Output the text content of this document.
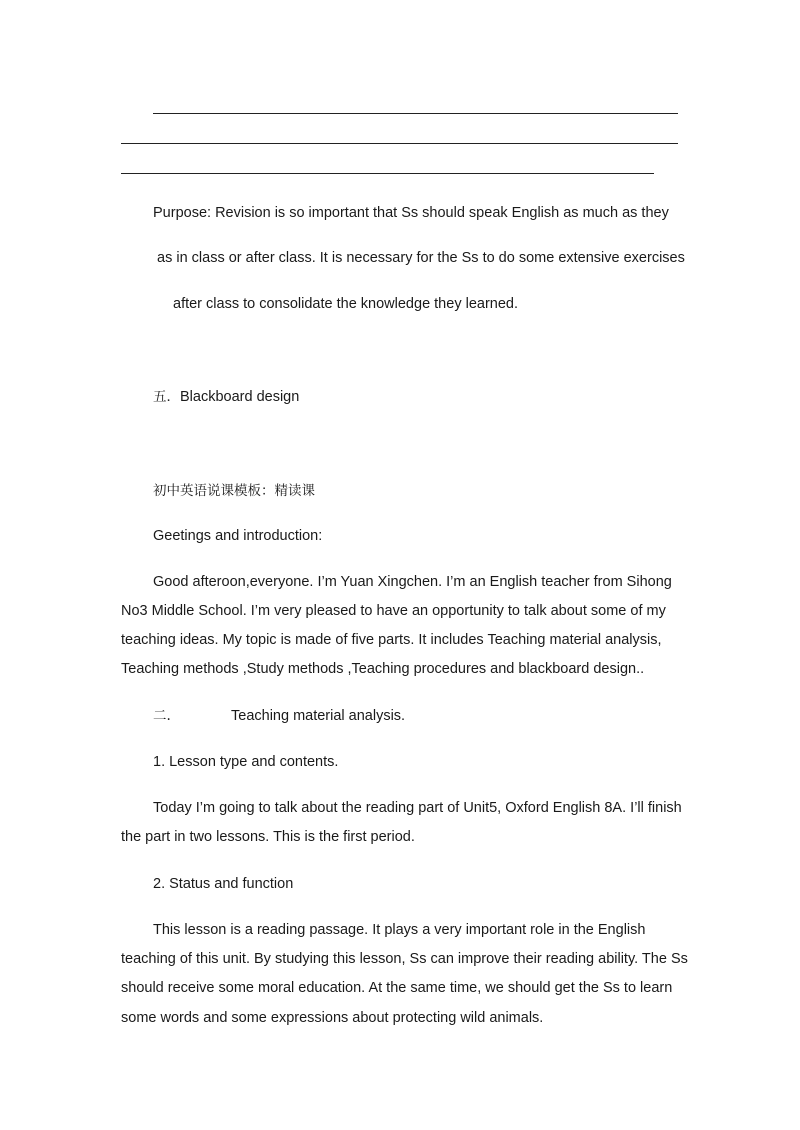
Purpose: Revision is so important that Ss should speak English as much as they
as in class or after class. It is necessary for the Ss to do some extensive exercises
after class to consolidate the knowledge they learned.
五．Blackboard design
初中英语说课模板：精读课
Geetings and introduction:
Good afteroon,everyone. I’m Yuan Xingchen. I’m an English teacher from Sihong
No3 Middle School. I’m very pleased to have an opportunity to talk about some of my
teaching ideas. My topic is made of five parts. It includes Teaching material analysis,
Teaching methods ,Study methods ,Teaching procedures and blackboard design..
二.	Teaching material analysis.
1. Lesson type and contents.
Today I’m going to talk about the reading part of Unit5, Oxford English 8A. I’ll finish
the part in two lessons. This is the first period.
2. Status and function
This lesson is a reading passage. It plays a very important role in the English
teaching of this unit. By studying this lesson, Ss can improve their reading ability. The Ss
should receive some moral education. At the same time, we should get the Ss to learn
some words and some expressions about protecting wild animals.
